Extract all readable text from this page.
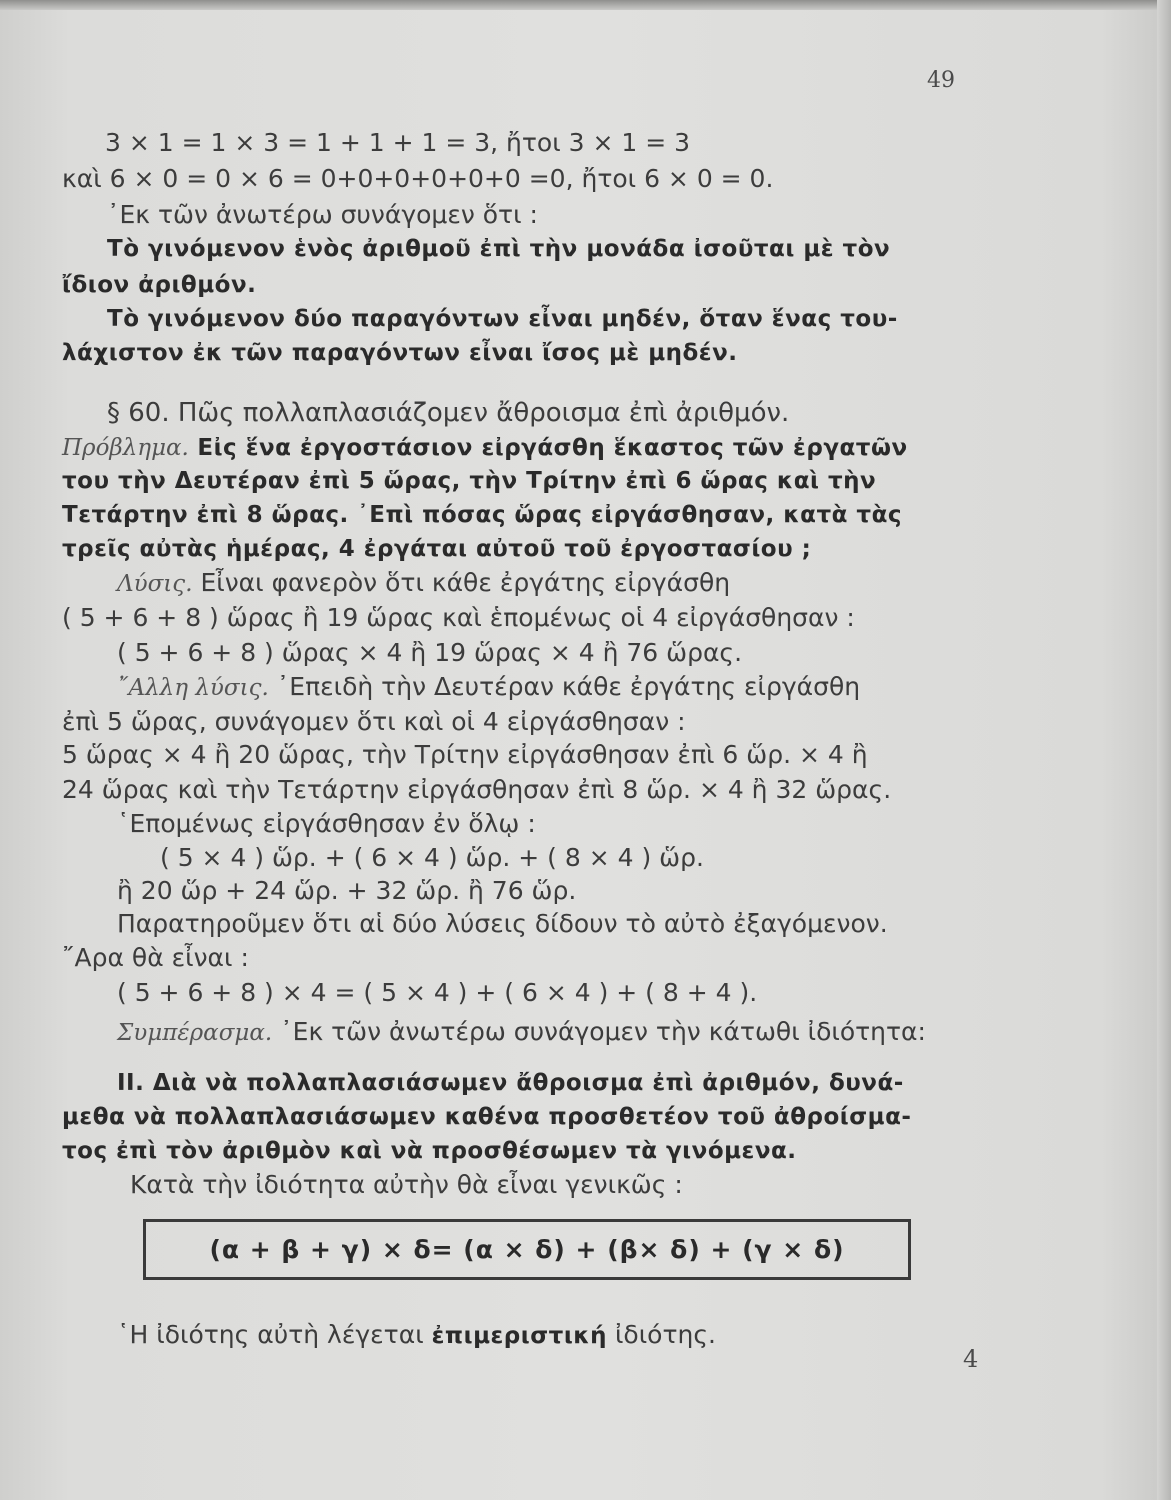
49
3 × 1 = 1 × 3 = 1 + 1 + 1 = 3, ἤτοι 3 × 1 = 3
καὶ 6 × 0 = 0 × 6 = 0+0+0+0+0+0 =0, ἤτοι 6 × 0 = 0.
᾿Εκ τῶν ἀνωτέρω συνάγομεν ὅτι :
Τὸ γινόμενον ἑνὸς ἀριθμοῦ ἐπὶ τὴν μονάδα ἰσοῦται μὲ τὸν
ἴδιον ἀριθμόν.
Τὸ γινόμενον δύο παραγόντων εἶναι μηδέν, ὅταν ἕνας του-
λάχιστον ἐκ τῶν παραγόντων εἶναι ἴσος μὲ μηδέν.
§ 60. Πῶς πολλαπλασιάζομεν ἄθροισμα ἐπὶ ἀριθμόν.
Πρόβλημα. Εἰς ἕνα ἐργοστάσιον εἰργάσθη ἕκαστος τῶν ἐργατῶν
του τὴν Δευτέραν ἐπὶ 5 ὥρας, τὴν Τρίτην ἐπὶ 6 ὥρας καὶ τὴν
Τετάρτην ἐπὶ 8 ὥρας. ᾿Επὶ πόσας ὥρας εἰργάσθησαν, κατὰ τὰς
τρεῖς αὐτὰς ἡμέρας, 4 ἐργάται αὐτοῦ τοῦ ἐργοστασίου ;
Λύσις. Εἶναι φανερὸν ὅτι κάθε ἐργάτης εἰργάσθη
( 5 + 6 + 8 ) ὥρας ἢ 19 ὥρας καὶ ἑπομένως οἱ 4 εἰργάσθησαν :
( 5 + 6 + 8 ) ὥρας × 4 ἢ 19 ὥρας × 4 ἢ 76 ὥρας.
῎Αλλη λύσις. ᾿Επειδὴ τὴν Δευτέραν κάθε ἐργάτης εἰργάσθη
ἐπὶ 5 ὥρας, συνάγομεν ὅτι καὶ οἱ 4 εἰργάσθησαν :
5 ὥρας × 4 ἢ 20 ὥρας, τὴν Τρίτην εἰργάσθησαν ἐπὶ 6 ὥρ. × 4 ἢ
24 ὥρας καὶ τὴν Τετάρτην εἰργάσθησαν ἐπὶ 8 ὥρ. × 4 ἢ 32 ὥρας.
῾Επομένως εἰργάσθησαν ἐν ὅλῳ :
( 5 × 4 ) ὥρ. + ( 6 × 4 ) ὥρ. + ( 8 × 4 ) ὥρ.
ἢ 20 ὥρ + 24 ὥρ. + 32 ὥρ. ἢ 76 ὥρ.
Παρατηροῦμεν ὅτι αἱ δύο λύσεις δίδουν τὸ αὐτὸ ἐξαγόμενον.
῎Αρα θὰ εἶναι :
( 5 + 6 + 8 ) × 4 = ( 5 × 4 ) + ( 6 × 4 ) + ( 8 + 4 ).
Συμπέρασμα. ᾿Εκ τῶν ἀνωτέρω συνάγομεν τὴν κάτωθι ἰδιότητα:
ΙΙ. Διὰ νὰ πολλαπλασιάσωμεν ἄθροισμα ἐπὶ ἀριθμόν, δυνά-
μεθα νὰ πολλαπλασιάσωμεν καθένα προσθετέον τοῦ ἀθροίσμα-
τος ἐπὶ τὸν ἀριθμὸν καὶ νὰ προσθέσωμεν τὰ γινόμενα.
Κατὰ τὴν ἰδιότητα αὐτὴν θὰ εἶναι γενικῶς :
(α + β + γ) × δ= (α × δ) + (β× δ) + (γ × δ)
῾Η ἰδιότης αὐτὴ λέγεται ἐπιμεριστική ἰδιότης.
4
